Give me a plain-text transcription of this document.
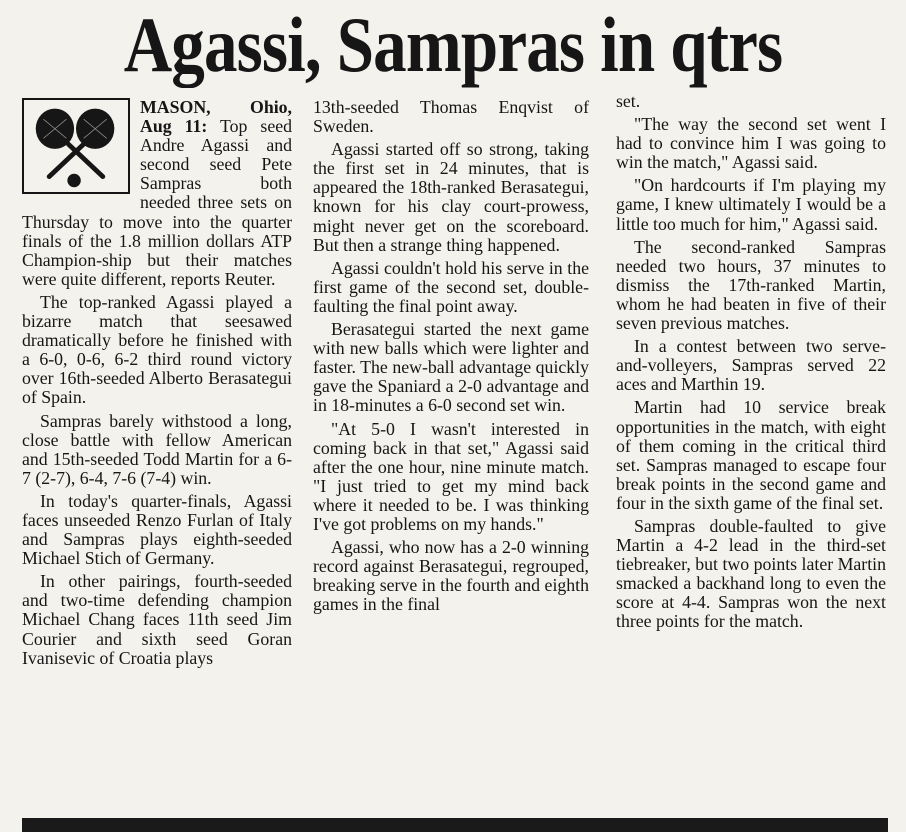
Agassi, Sampras in qtrs

MASON, Ohio, Aug 11: Top seed Andre Agassi and second seed Pete Sampras both needed three sets on Thursday to move into the quarter finals of the 1.8 million dollars ATP Champion-ship but their matches were quite different, reports Reuter.

The top-ranked Agassi played a bizarre match that seesawed dramatically before he finished with a 6-0, 0-6, 6-2 third round victory over 16th-seeded Alberto Berasategui of Spain.

Sampras barely withstood a long, close battle with fellow American and 15th-seeded Todd Martin for a 6-7 (2-7), 6-4, 7-6 (7-4) win.

In today's quarter-finals, Agassi faces unseeded Renzo Furlan of Italy and Sampras plays eighth-seeded Michael Stich of Germany.

In other pairings, fourth-seeded and two-time defending champion Michael Chang faces 11th seed Jim Courier and sixth seed Goran Ivanisevic of Croatia plays

13th-seeded Thomas Enqvist of Sweden.

Agassi started off so strong, taking the first set in 24 minutes, that is appeared the 18th-ranked Berasategui, known for his clay court-prowess, might never get on the scoreboard. But then a strange thing happened.

Agassi couldn't hold his serve in the first game of the second set, double-faulting the final point away.

Berasategui started the next game with new balls which were lighter and faster. The new-ball advantage quickly gave the Spaniard a 2-0 advantage and in 18-minutes a 6-0 second set win.

"At 5-0 I wasn't interested in coming back in that set," Agassi said after the one hour, nine minute match. "I just tried to get my mind back where it needed to be. I was thinking I've got problems on my hands."

Agassi, who now has a 2-0 winning record against Berasategui, regrouped, breaking serve in the fourth and eighth games in the final

set.

"The way the second set went I had to convince him I was going to win the match," Agassi said.

"On hardcourts if I'm playing my game, I knew ultimately I would be a little too much for him," Agassi said.

The second-ranked Sampras needed two hours, 37 minutes to dismiss the 17th-ranked Martin, whom he had beaten in five of their seven previous matches.

In a contest between two serve-and-volleyers, Sampras served 22 aces and Marthin 19.

Martin had 10 service break opportunities in the match, with eight of them coming in the critical third set. Sampras managed to escape four break points in the second game and four in the sixth game of the final set.

Sampras double-faulted to give Martin a 4-2 lead in the third-set tiebreaker, but two points later Martin smacked a backhand long to even the score at 4-4. Sampras won the next three points for the match.
